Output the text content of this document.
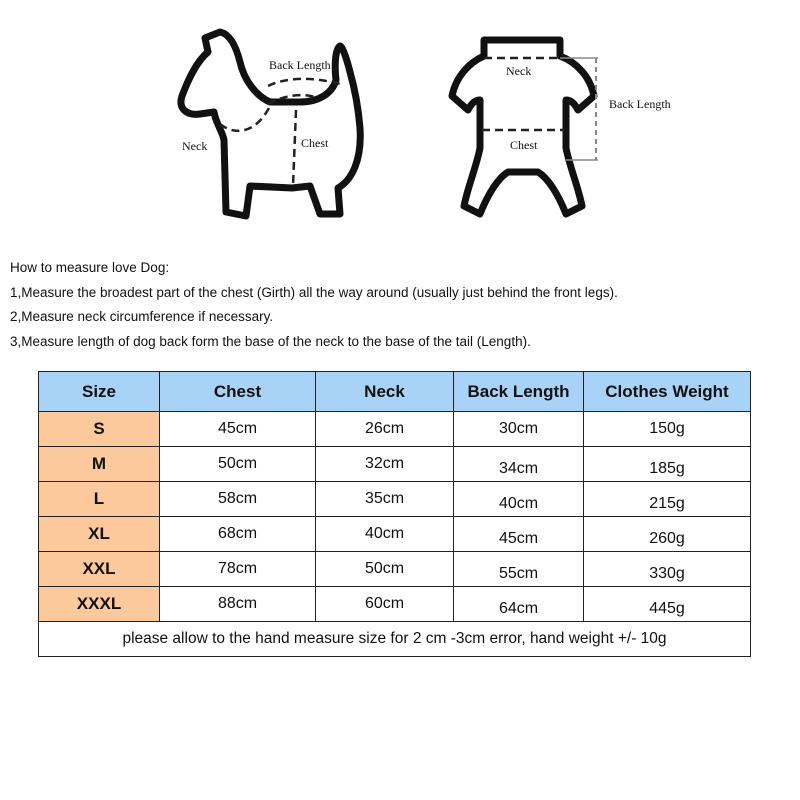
Back Length
Neck	Chest
Neck
Back Length
Chest
How to measure love Dog:
1,Measure the broadest part of the chest (Girth) all the way around (usually just behind the front legs).
2,Measure neck circumference if necessary.
3,Measure length of dog back form the base of the neck to the base of the tail (Length).
Size	Chest	Neck	Back Length	Clothes Weight
S	45cm	26cm	30cm	150g
M	50cm	32cm	34cm	185g
L	58cm	35cm	40cm	215g
XL	68cm	40cm	45cm	260g
XXL	78cm	50cm	55cm	330g
XXXL	88cm	60cm	64cm	445g
please allow to the hand measure size for 2 cm -3cm error, hand weight +/- 10g				
